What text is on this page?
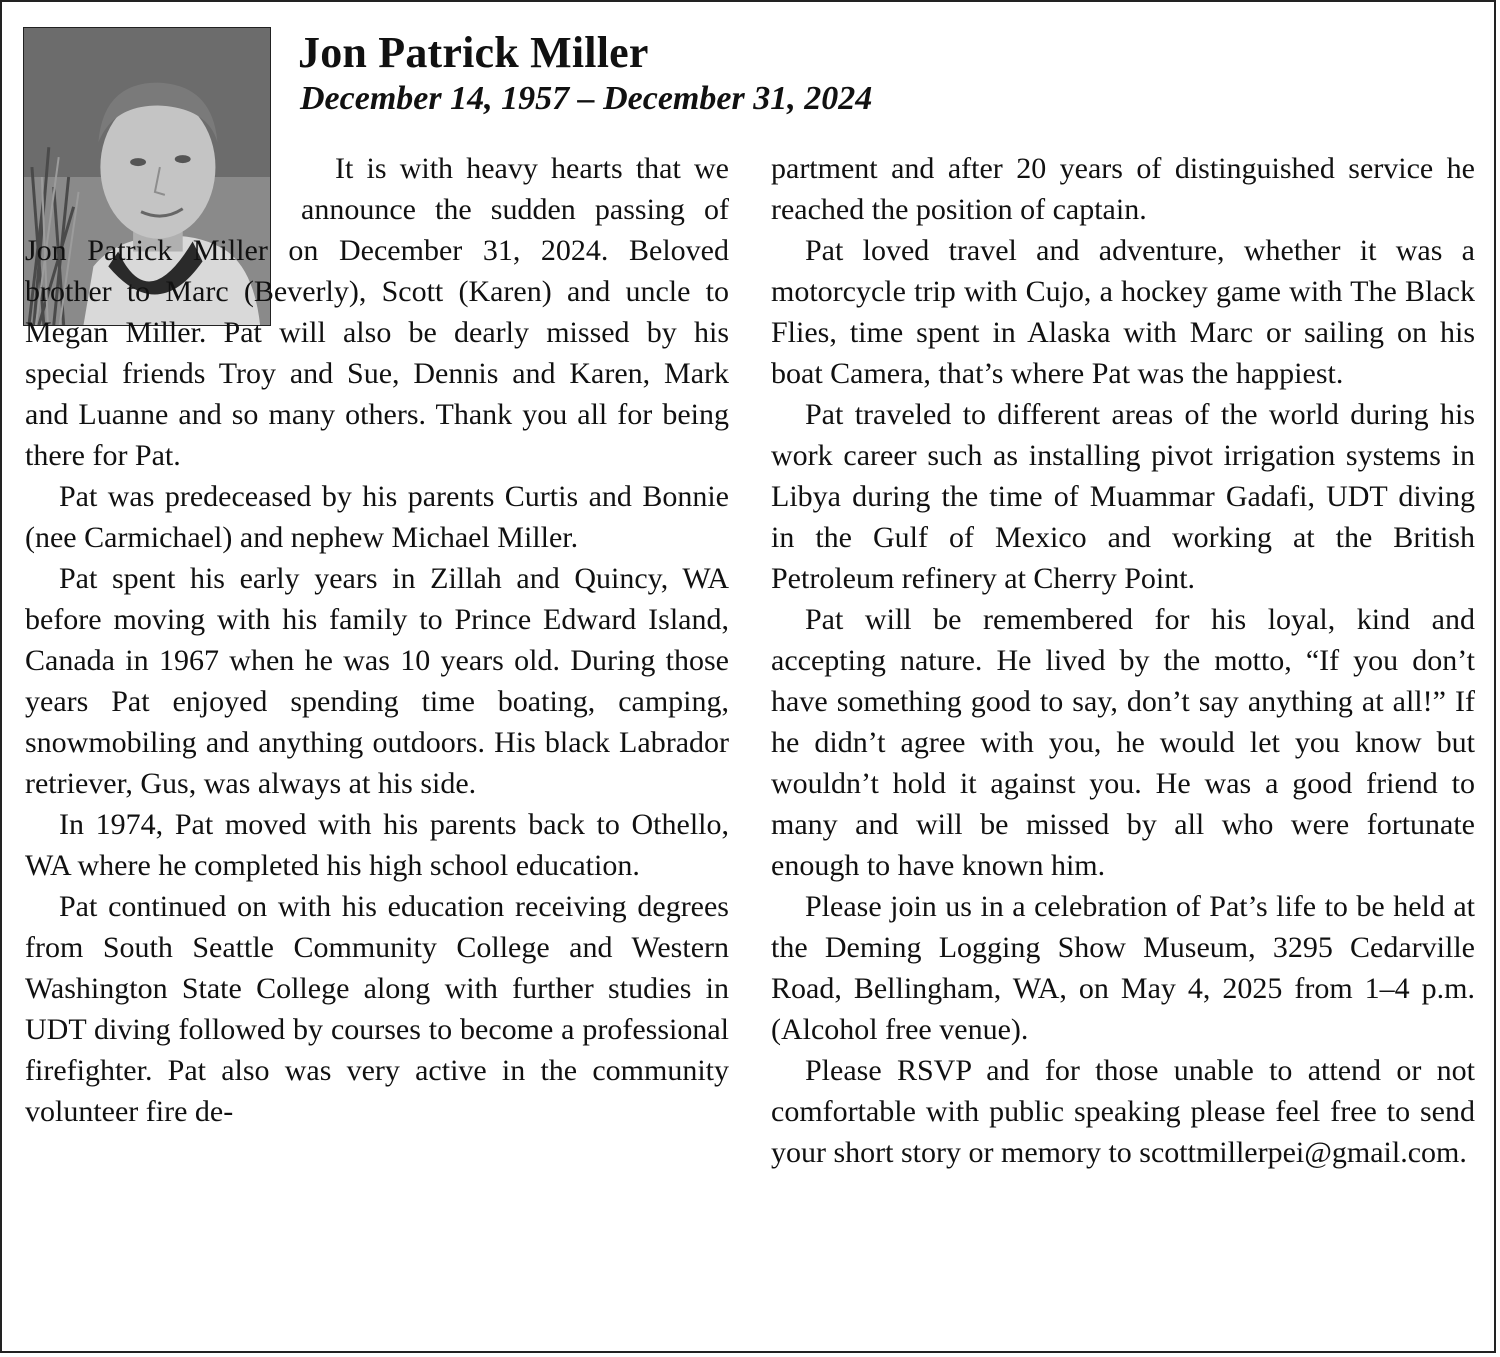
Jon Patrick Miller
December 14, 1957 – December 31, 2024

It is with heavy hearts that we announce the sudden passing of Jon Patrick Miller on December 31, 2024. Beloved brother to Marc (Beverly), Scott (Karen) and uncle to Megan Miller. Pat will also be dearly missed by his special friends Troy and Sue, Dennis and Karen, Mark and Luanne and so many others. Thank you all for being there for Pat.

Pat was predeceased by his parents Curtis and Bonnie (nee Carmichael) and nephew Michael Miller.

Pat spent his early years in Zillah and Quincy, WA before moving with his family to Prince Edward Island, Canada in 1967 when he was 10 years old. During those years Pat enjoyed spending time boating, camping, snowmobiling and anything outdoors. His black Labrador retriever, Gus, was always at his side.

In 1974, Pat moved with his parents back to Othello, WA where he completed his high school education.

Pat continued on with his education receiving degrees from South Seattle Community College and Western Washington State College along with further studies in UDT diving followed by courses to become a professional firefighter. Pat also was very active in the community volunteer fire de-

partment and after 20 years of distinguished service he reached the position of captain.

Pat loved travel and adventure, whether it was a motorcycle trip with Cujo, a hockey game with The Black Flies, time spent in Alaska with Marc or sailing on his boat Camera, that’s where Pat was the happiest.

Pat traveled to different areas of the world during his work career such as installing pivot irrigation systems in Libya during the time of Muammar Gadafi, UDT diving in the Gulf of Mexico and working at the British Petroleum refinery at Cherry Point.

Pat will be remembered for his loyal, kind and accepting nature. He lived by the motto, “If you don’t have something good to say, don’t say anything at all!” If he didn’t agree with you, he would let you know but wouldn’t hold it against you. He was a good friend to many and will be missed by all who were fortunate enough to have known him.

Please join us in a celebration of Pat’s life to be held at the Deming Logging Show Museum, 3295 Cedarville Road, Bellingham, WA, on May 4, 2025 from 1–4 p.m. (Alcohol free venue).

Please RSVP and for those unable to attend or not comfortable with public speaking please feel free to send your short story or memory to scottmillerpei@gmail.com.
